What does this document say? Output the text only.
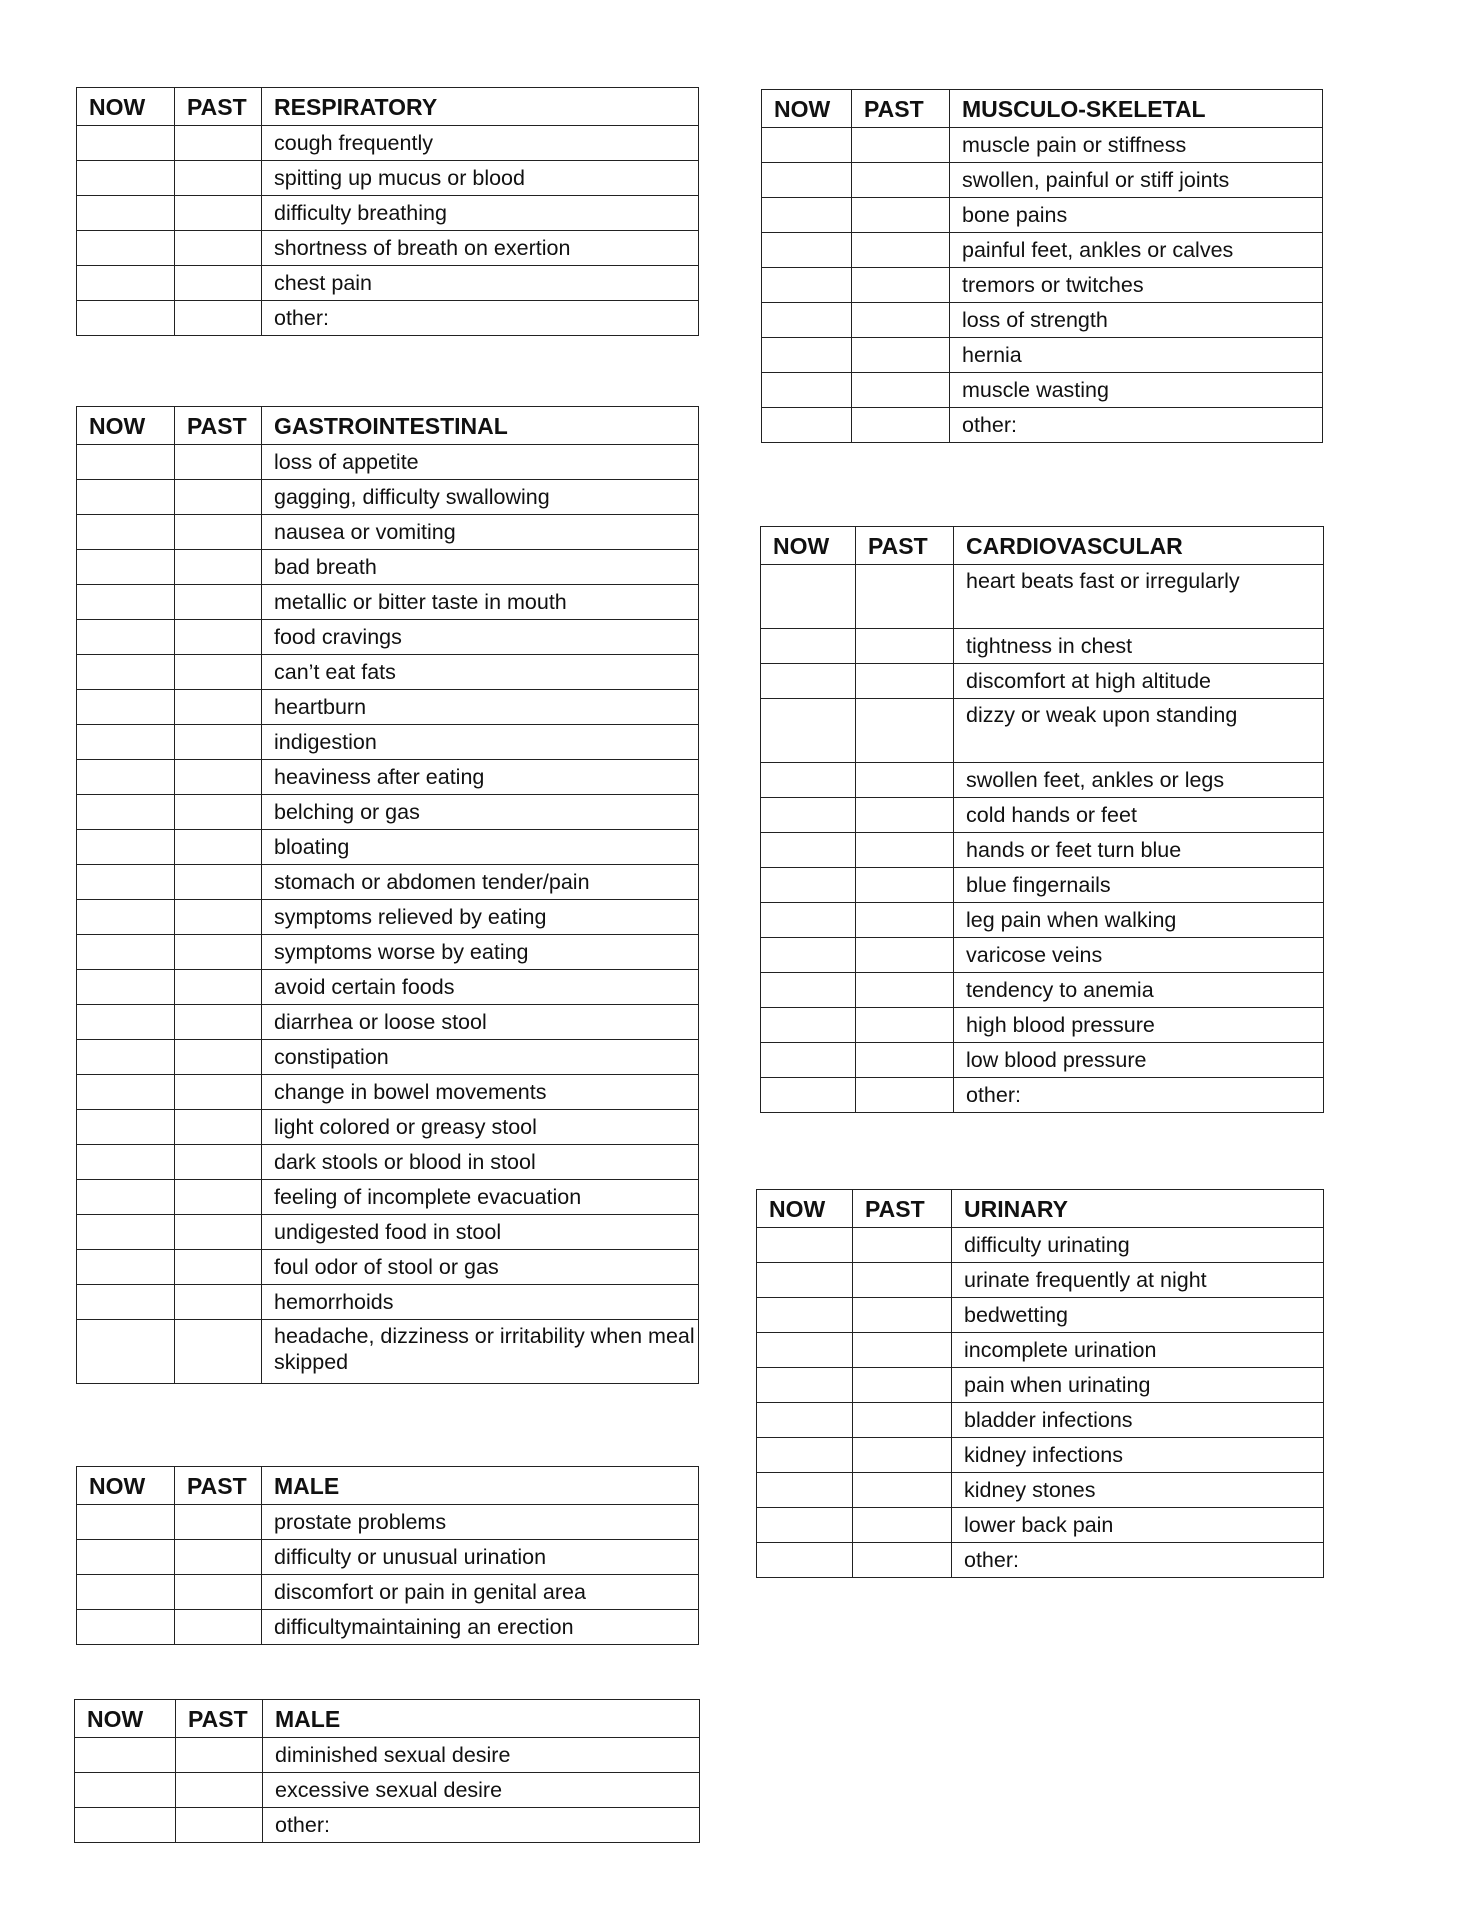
NOW	PAST	RESPIRATORY
		cough frequently
		spitting up mucus or blood
		difficulty breathing
		shortness of breath on exertion
		chest pain
		other:
NOW	PAST	GASTROINTESTINAL
		loss of appetite
		gagging, difficulty swallowing
		nausea or vomiting
		bad breath
		metallic or bitter taste in mouth
		food cravings
		can’t eat fats
		heartburn
		indigestion
		heaviness after eating
		belching or gas
		bloating
		stomach or abdomen tender/pain
		symptoms relieved by eating
		symptoms worse by eating
		avoid certain foods
		diarrhea or loose stool
		constipation
		change in bowel movements
		light colored or greasy stool
		dark stools or blood in stool
		feeling of incomplete evacuation
		undigested food in stool
		foul odor of stool or gas
		hemorrhoids
		headache, dizziness or irritability when meal skipped
NOW	PAST	MALE
		prostate problems
		difficulty or unusual urination
		discomfort or pain in genital area
		difficultymaintaining an erection
NOW	PAST	MALE
		diminished sexual desire
		excessive sexual desire
		other:
NOW	PAST	MUSCULO-SKELETAL
		muscle pain or stiffness
		swollen, painful or stiff joints
		bone pains
		painful feet, ankles or calves
		tremors or twitches
		loss of strength
		hernia
		muscle wasting
		other:
NOW	PAST	CARDIOVASCULAR
		heart beats fast or irregularly
		tightness in chest
		discomfort at high altitude
		dizzy or weak upon standing
		swollen feet, ankles or legs
		cold hands or feet
		hands or feet turn blue
		blue fingernails
		leg pain when walking
		varicose veins
		tendency to anemia
		high blood pressure
		low blood pressure
		other:
NOW	PAST	URINARY
		difficulty urinating
		urinate frequently at night
		bedwetting
		incomplete urination
		pain when urinating
		bladder infections
		kidney infections
		kidney stones
		lower back pain
		other:
